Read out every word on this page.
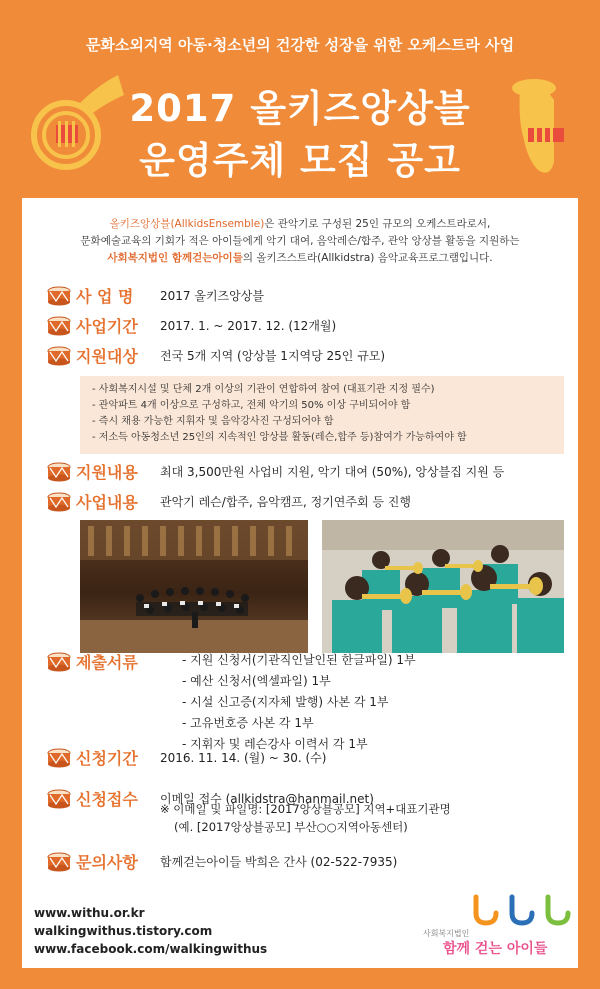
문화소외지역 아동·청소년의 건강한 성장을 위한 오케스트라 사업
2017 올키즈앙상블
운영주체 모집 공고
올키즈앙상블(AllkidsEnsemble)은 관악기로 구성된 25인 규모의 오케스트라로서,
문화예술교육의 기회가 적은 아이들에게 악기 대여, 음악레슨/합주, 관악 앙상블 활동을 지원하는
사회복지법인 함께걷는아이들의 올키즈스트라(Allkidstra) 음악교육프로그램입니다.
사 업 명	2017 올키즈앙상블
사업기간	2017. 1. ~ 2017. 12. (12개월)
지원대상	전국 5개 지역 (앙상블 1지역당 25인 규모)
- 사회복지시설 및 단체 2개 이상의 기관이 연합하여 참여 (대표기관 지정 필수)
- 관악파트 4개 이상으로 구성하고, 전체 악기의 50% 이상 구비되어야 함
- 즉시 채용 가능한 지휘자 및 음악강사진 구성되어야 함
- 저소득 아동청소년 25인의 지속적인 앙상블 활동(레슨,합주 등)참여가 가능하여야 함
지원내용	최대 3,500만원 사업비 지원, 악기 대여 (50%), 앙상블집 지원 등
사업내용	관악기 레슨/합주, 음악캠프, 정기연주회 등 진행
제출서류	- 지원 신청서(기관직인날인된 한글파일) 1부
- 예산 신청서(엑셀파일) 1부
- 시설 신고증(지자체 발행) 사본 각 1부
- 고유번호증 사본 각 1부
- 지휘자 및 레슨강사 이력서 각 1부
신청기간	2016. 11. 14. (월) ~ 30. (수)
신청접수	이메일 접수 (allkidstra@hanmail.net)
※ 이메일 및 파일명: [2017앙상블공모] 지역+대표기관명
(예. [2017앙상블공모] 부산○○지역아동센터)
문의사항	함께걷는아이들 박희은 간사 (02-522-7935)
www.withu.or.kr
walkingwithus.tistory.com
www.facebook.com/walkingwithus
사회복지법인
함께 걷는 아이들
